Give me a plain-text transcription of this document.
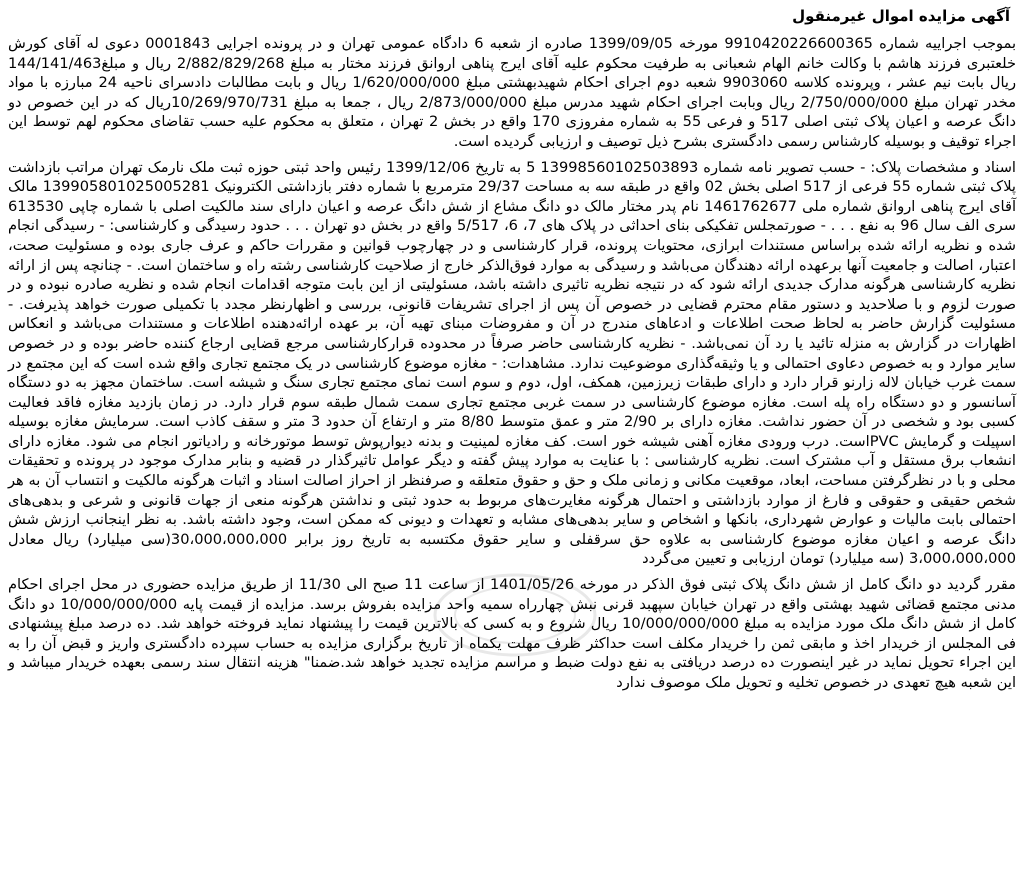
آگهی مزایده اموال غیرمنقول

بموجب اجراییه شماره 9910420226600365 مورخه 1399/09/05 صادره از شعبه 6 دادگاه عمومی تهران و در پرونده اجرایی 0001843 دعوی له آقای کورش خلعتبری فرزند هاشم با وکالت خانم الهام شعبانی به طرفیت محکوم علیه آقای ایرج پناهی اروانق فرزند مختار به مبلغ 2/882/829/268 ریال و مبلغ144/141/463 ریال بابت نیم عشر ، وپرونده کلاسه 9903060 شعبه دوم اجرای احکام شهیدبهشتی مبلغ 1/620/000/000 ریال و بابت مطالبات دادسرای ناحیه 24 مبارزه با مواد مخدر تهران مبلغ 2/750/000/000 ریال وبابت اجرای احکام شهید مدرس مبلغ 2/873/000/000 ریال ، جمعا به مبلغ 10/269/970/731ریال که در این خصوص دو دانگ عرصه و اعیان پلاک ثبتی اصلی 517 و فرعی 55 به شماره مفروزی 170 واقع در بخش 2 تهران ، متعلق به محکوم علیه حسب تقاضای محکوم لهم توسط این اجراء توقیف و بوسیله کارشناس رسمی دادگستری بشرح ذیل توصیف و ارزیابی گردیده است.

اسناد و مشخصات پلاک: - حسب تصویر نامه شماره 13998560102503893 5 به تاریخ 1399/12/06 رئیس واحد ثبتی حوزه ثبت ملک نارمک تهران مراتب بازداشت پلاک ثبتی شماره 55 فرعی از 517 اصلی بخش 02 واقع در طبقه سه به مساحت 29/37 مترمربع با شماره دفتر بازداشتی الکترونیک 139905801025005281 مالک آقای ایرج پناهی اروانق شماره ملی 1461762677 نام پدر مختار مالک دو دانگ مشاع از شش دانگ عرصه و اعیان دارای سند مالکیت اصلی با شماره چاپی 613530 سری الف سال 96 به نفع . . . - صورتمجلس تفکیکی بنای احداثی در پلاک های 7، 6، 5/517 واقع در بخش دو تهران . . . حدود رسیدگی و کارشناسی: - رسیدگی انجام شده و نظریه ارائه شده براساس مستندات ابرازی، محتویات پرونده، قرار کارشناسی و در چهارچوب قوانین و مقررات حاکم و عرف جاری بوده و مسئولیت صحت، اعتبار، اصالت و جامعیت آنها برعهده ارائه دهندگان می‌باشد و رسیدگی به موارد فوق‌الذکر خارج از صلاحیت کارشناسی رشته راه و ساختمان است. - چنانچه پس از ارائه نظریه کارشناسی هرگونه مدارک جدیدی ارائه شود که در نتیجه نظریه تاثیری داشته باشد، مسئولیتی از این بابت متوجه اقدامات انجام شده و نظریه صادره نبوده و در صورت لزوم و با صلاحدید و دستور مقام محترم قضایی در خصوص آن پس از اجرای تشریفات قانونی، بررسی و اظهارنظر مجدد با تکمیلی صورت خواهد پذیرفت. - مسئولیت گزارش حاضر به لحاظ صحت اطلاعات و ادعاهای مندرج در آن و مفروضات مبنای تهیه آن، بر عهده ارائه‌دهنده اطلاعات و مستندات می‌باشد و انعکاس اظهارات در گزارش به منزله تائید یا رد آن نمی‌باشد. - نظریه کارشناسی حاضر صرفاً در محدوده قرارکارشناسی مرجع قضایی ارجاع کننده حاضر بوده و در خصوص سایر موارد و به خصوص دعاوی احتمالی و یا وثیقه‌گذاری موضوعیت ندارد. مشاهدات: - مغازه موضوع کارشناسی در یک مجتمع تجاری واقع شده است که این مجتمع در سمت غرب خیابان لاله زارنو قرار دارد و دارای طبقات زیرزمین، همکف، اول، دوم و سوم است نمای مجتمع تجاری سنگ و شیشه است. ساختمان مجهز به دو دستگاه آسانسور و دو دستگاه راه پله است. مغازه موضوع کارشناسی در سمت غربی مجتمع تجاری سمت شمال طبقه سوم قرار دارد. در زمان بازدید مغازه فاقد فعالیت کسبی بود و شخصی در آن حضور نداشت. مغازه دارای بر 2/90 متر و عمق متوسط 8/80 متر و ارتفاع آن حدود 3 متر و سقف کاذب است. سرمایش مغازه بوسیله اسپیلت و گرمایش PVCاست. درب ورودی مغازه آهنی شیشه خور است. کف مغازه لمینیت و بدنه دیوارپوش توسط موتورخانه و رادیاتور انجام می شود. مغازه دارای انشعاب برق مستقل و آب مشترک است. نظریه کارشناسی : با عنایت به موارد پیش گفته و دیگر عوامل تاثیرگذار در قضیه و بنابر مدارک موجود در پرونده و تحقیقات محلی و با در نظرگرفتن مساحت، ابعاد، موقعیت مکانی و زمانی ملک و حق و حقوق متعلقه و صرفنظر از احراز اصالت اسناد و اثبات هرگونه مالکیت و انتساب آن به هر شخص حقیقی و حقوقی و فارغ از موارد بازداشتی و احتمال هرگونه مغایرت‌های مربوط به حدود ثبتی و نداشتن هرگونه منعی از جهات قانونی و شرعی و بدهی‌های احتمالی بابت مالیات و عوارض شهرداری، بانکها و اشخاص و سایر بدهی‌های مشابه و تعهدات و دیونی که ممکن است، وجود داشته باشد. به نظر اینجانب ارزش شش دانگ عرصه و اعیان مغازه موضوع کارشناسی به علاوه حق سرقفلی و سایر حقوق مکتسبه به تاریخ روز برابر 30،000،000،000(سی میلیارد) ریال معادل 3،000،000،000 (سه میلیارد) تومان ارزیابی و تعیین می‌گردد

مقرر گردید دو دانگ کامل از شش دانگ پلاک ثبتی فوق الذکر در مورخه 1401/05/26 از ساعت 11 صبح الی 11/30 از طریق مزایده حضوری در محل اجرای احکام مدنی مجتمع قضائی شهید بهشتی واقع در تهران خیابان سپهبد قرنی نبش چهارراه سمیه واحد مزایده بفروش برسد. مزایده از قیمت پایه 10/000/000/000 دو دانگ کامل از شش دانگ ملک مورد مزایده به مبلغ 10/000/000/000 ریال شروع و به کسی که بالاترین قیمت را پیشنهاد نماید فروخته خواهد شد. ده درصد مبلغ پیشنهادی فی المجلس از خریدار اخذ و مابقی ثمن را خریدار مکلف است حداکثر ظرف مهلت یکماه از تاریخ برگزاری مزایده به حساب سپرده دادگستری واریز و قبض آن را به این اجراء تحویل نماید در غیر اینصورت ده درصد دریافتی به نفع دولت ضبط و مراسم مزایده تجدید خواهد شد.ضمنا" هزینه انتقال سند رسمی بعهده خریدار میباشد و این شعبه هیچ تعهدی در خصوص تخلیه و تحویل ملک موصوف ندارد
